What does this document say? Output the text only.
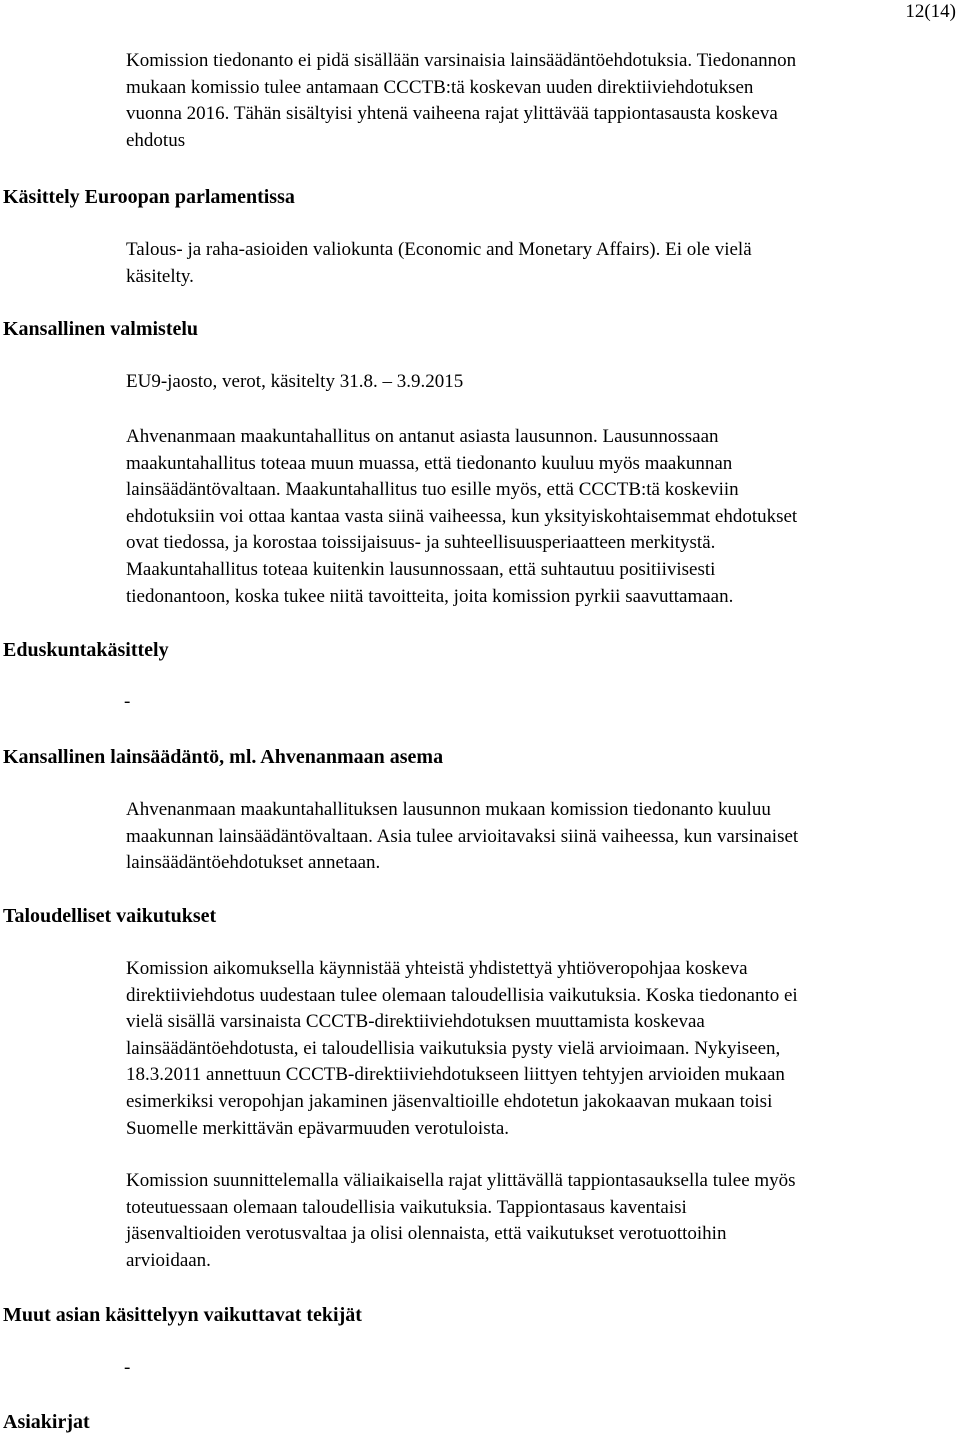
12(14)
Komission tiedonanto ei pidä sisällään varsinaisia lainsäädäntöehdotuksia. Tiedonannon
mukaan komissio tulee antamaan CCCTB:tä koskevan uuden direktiiviehdotuksen
vuonna 2016. Tähän sisältyisi yhtenä vaiheena rajat ylittävää tappiontasausta koskeva
ehdotus
Käsittely Euroopan parlamentissa
Talous- ja raha-asioiden valiokunta (Economic and Monetary Affairs). Ei ole vielä
käsitelty.
Kansallinen valmistelu
EU9-jaosto, verot, käsitelty 31.8. – 3.9.2015
Ahvenanmaan maakuntahallitus on antanut asiasta lausunnon. Lausunnossaan
maakuntahallitus toteaa muun muassa, että tiedonanto kuuluu myös maakunnan
lainsäädäntövaltaan. Maakuntahallitus tuo esille myös, että CCCTB:tä koskeviin
ehdotuksiin voi ottaa kantaa vasta siinä vaiheessa, kun yksityiskohtaisemmat ehdotukset
ovat tiedossa, ja korostaa toissijaisuus- ja suhteellisuusperiaatteen merkitystä.
Maakuntahallitus toteaa kuitenkin lausunnossaan, että suhtautuu positiivisesti
tiedonantoon, koska tukee niitä tavoitteita, joita komission pyrkii saavuttamaan.
Eduskuntakäsittely
-
Kansallinen lainsäädäntö, ml. Ahvenanmaan asema
Ahvenanmaan maakuntahallituksen lausunnon mukaan komission tiedonanto kuuluu
maakunnan lainsäädäntövaltaan. Asia tulee arvioitavaksi siinä vaiheessa, kun varsinaiset
lainsäädäntöehdotukset annetaan.
Taloudelliset vaikutukset
Komission aikomuksella käynnistää yhteistä yhdistettyä yhtiöveropohjaa koskeva
direktiiviehdotus uudestaan tulee olemaan taloudellisia vaikutuksia. Koska tiedonanto ei
vielä sisällä varsinaista CCCTB-direktiiviehdotuksen muuttamista koskevaa
lainsäädäntöehdotusta, ei taloudellisia vaikutuksia pysty vielä arvioimaan. Nykyiseen,
18.3.2011 annettuun CCCTB-direktiiviehdotukseen liittyen tehtyjen arvioiden mukaan
esimerkiksi veropohjan jakaminen jäsenvaltioille ehdotetun jakokaavan mukaan toisi
Suomelle merkittävän epävarmuuden verotuloista.
Komission suunnittelemalla väliaikaisella rajat ylittävällä tappiontasauksella tulee myös
toteutuessaan olemaan taloudellisia vaikutuksia. Tappiontasaus kaventaisi
jäsenvaltioiden verotusvaltaa ja olisi olennaista, että vaikutukset verotuottoihin
arvioidaan.
Muut asian käsittelyyn vaikuttavat tekijät
-
Asiakirjat
